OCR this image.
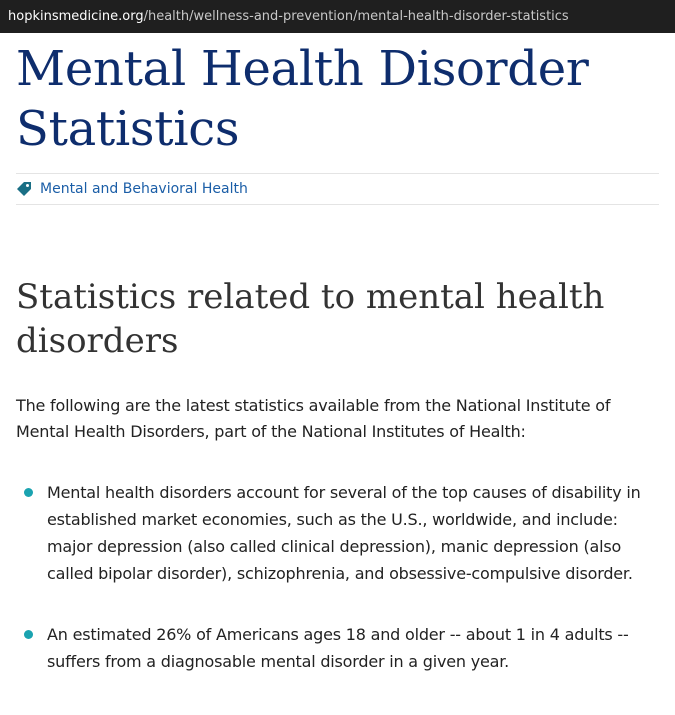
hopkinsmedicine.org /health/wellness-and-prevention/mental-health-disorder-statistics
Mental Health Disorder Statistics
Mental and Behavioral Health
Statistics related to mental health disorders

The following are the latest statistics available from the National Institute of Mental Health Disorders, part of the National Institutes of Health:

Mental health disorders account for several of the top causes of disability in established market economies, such as the U.S., worldwide, and include: major depression (also called clinical depression), manic depression (also called bipolar disorder), schizophrenia, and obsessive-compulsive disorder.
An estimated 26% of Americans ages 18 and older -- about 1 in 4 adults -- suffers from a diagnosable mental disorder in a given year.
